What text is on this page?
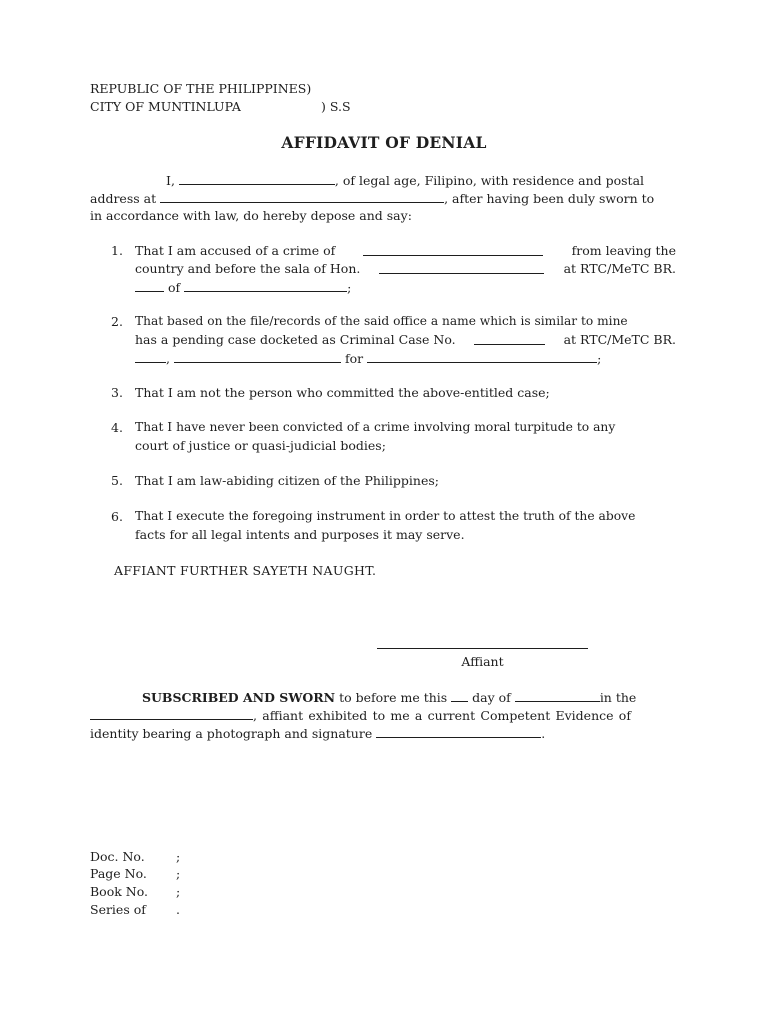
REPUBLIC OF THE PHILIPPINES)
CITY OF MUNTINLUPA	) S.S
AFFIDAVIT OF DENIAL
I,	, of legal age, Filipino, with residence and postal
address at	, after having been duly sworn to
in accordance with law, do hereby depose and say:
1. That I am accused of a crime of	from leaving the
country and before the sala of Hon.	at RTC/MeTC BR.
of	;
2. That based on the file/records of the said office a name which is similar to mine
has a pending case docketed as Criminal Case No.	at RTC/MeTC BR.
,	for	;
3. That I am not the person who committed the above-entitled case;
4. That I have never been convicted of a crime involving moral turpitude to any
court of justice or quasi-judicial bodies;
5. That I am law-abiding citizen of the Philippines;
6. That I execute the foregoing instrument in order to attest the truth of the above
facts for all legal intents and purposes it may serve.
AFFIANT FURTHER SAYETH NAUGHT.
Affiant
SUBSCRIBED AND SWORN to before me this day of	in the
, affiant exhibited to me a current Competent Evidence of
identity bearing a photograph and signature	.
Doc. No.	;
Page No. ;
Book No. ;
Series of .
